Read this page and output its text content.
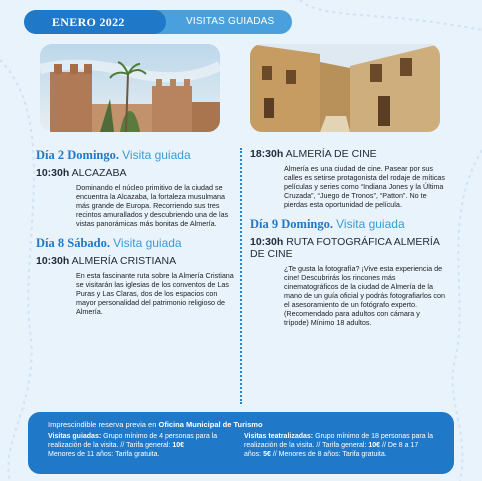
ENERO 2022	VISITAS GUIADAS

Día 2 Domingo. Visita guiada

10:30h ALCAZABA

Dominando el núcleo primitivo de la ciudad se encuentra la Alcazaba, la fortaleza musulmana más grande de Europa. Recorriendo sus tres recintos amurallados y descubriendo una de las vistas panorámicas más bonitas de Almería.

Día 8 Sábado. Visita guiada

10:30h ALMERÍA CRISTIANA

En esta fascinante ruta sobre la Almería Cristiana se visitarán las iglesias de los conventos de Las Puras y Las Claras, dos de los espacios con mayor personalidad del patrimonio religioso de Almería.

18:30h ALMERÍA DE CINE

Almería es una ciudad de cine. Pasear por sus calles es setirse protagonista del rodaje de míticas películas y series como “Indiana Jones y la Última Cruzada”, “Juego de Tronos”, “Patton”. No te pierdas esta oportunidad de película.

Día 9 Domingo. Visita guiada

10:30h RUTA FOTOGRÁFICA ALMERÍA DE CINE

¿Te gusta la fotografía? ¡Vive esta experiencia de cine! Descubrirás los rincones más cinematográficos de la ciudad de Almería de la mano de un guía oficial y podrás fotografiarlos con el asesoramiento de un fotógrafo experto. (Recomendado para adultos con cámara y trípode) Mínimo 18 adultos.

Imprescindible reserva previa en Oficina Municipal de Turismo
Visitas guiadas: Grupo mínimo de 4 personas para la realización de la visita. // Tarifa general: 10€
Menores de 11 años: Tarifa gratuita.
Visitas teatralizadas: Grupo mínimo de 18 personas para la realización de la visita. // Tarifa general: 10€ // De 8 a 17 años: 5€ // Menores de 8 años: Tarifa gratuita.
